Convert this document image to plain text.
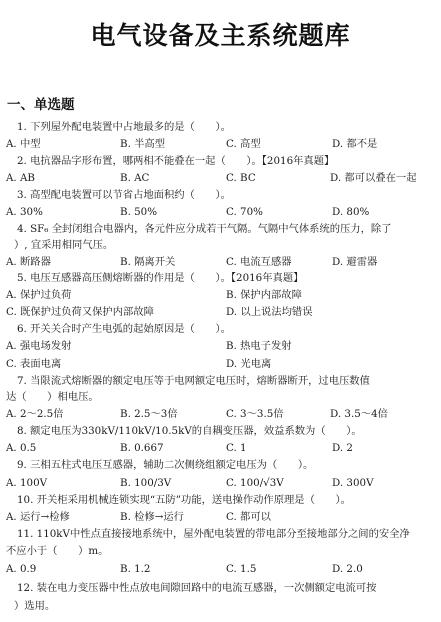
电气设备及主系统题库
一、单选题
1. 下列屋外配电装置中占地最多的是（　　）。
A. 中型	B. 半高型	C. 高型	D. 都不是
2. 电抗器品字形布置，哪两相不能叠在一起（　　）。【2016年真题】
A. AB	B. AC	C. BC	D. 都可以叠在一起
3. 高型配电装置可以节省占地面积约（　　）。
A. 30%	B. 50%	C. 70%	D. 80%
4. SF₆ 全封闭组合电器内，各元件应分成若干气隔。气隔中气体系统的压力，除了
）, 宜采用相同气压。
A. 断路器	B. 隔离开关	C. 电流互感器	D. 避雷器
5. 电压互感器高压侧熔断器的作用是（　　）。【2016年真题】
A. 保护过负荷	B. 保护内部故障
C. 既保护过负荷又保护内部故障	D. 以上说法均错误
6. 开关关合时产生电弧的起始原因是（　　）。
A. 强电场发射	B. 热电子发射
C. 表面电离	D. 光电离
7. 当限流式熔断器的额定电压等于电网额定电压时，熔断器断开，过电压数值
达（　　）相电压。
A. 2～2.5倍	B. 2.5～3倍	C. 3～3.5倍	D. 3.5～4倍
8. 额定电压为330kV/110kV/10.5kV的自耦变压器，效益系数为（　　）。
A. 0.5	B. 0.667	C. 1	D. 2
9. 三相五柱式电压互感器，辅助二次侧绕组额定电压为（　　）。
A. 100V	B. 100/3V	C. 100/√3V	D. 300V
10. 开关柜采用机械连锁实现“五防”功能，送电操作动作原理是（　　）。
A. 运行→检修	B. 检修→运行	C. 都可以
11. 110kV中性点直接接地系统中，屋外配电装置的带电部分至接地部分之间的安全净
不应小于（　　）m。
A. 0.9	B. 1.2	C. 1.5	D. 2.0
12. 装在电力变压器中性点放电间隙回路中的电流互感器，一次侧额定电流可按
）选用。
